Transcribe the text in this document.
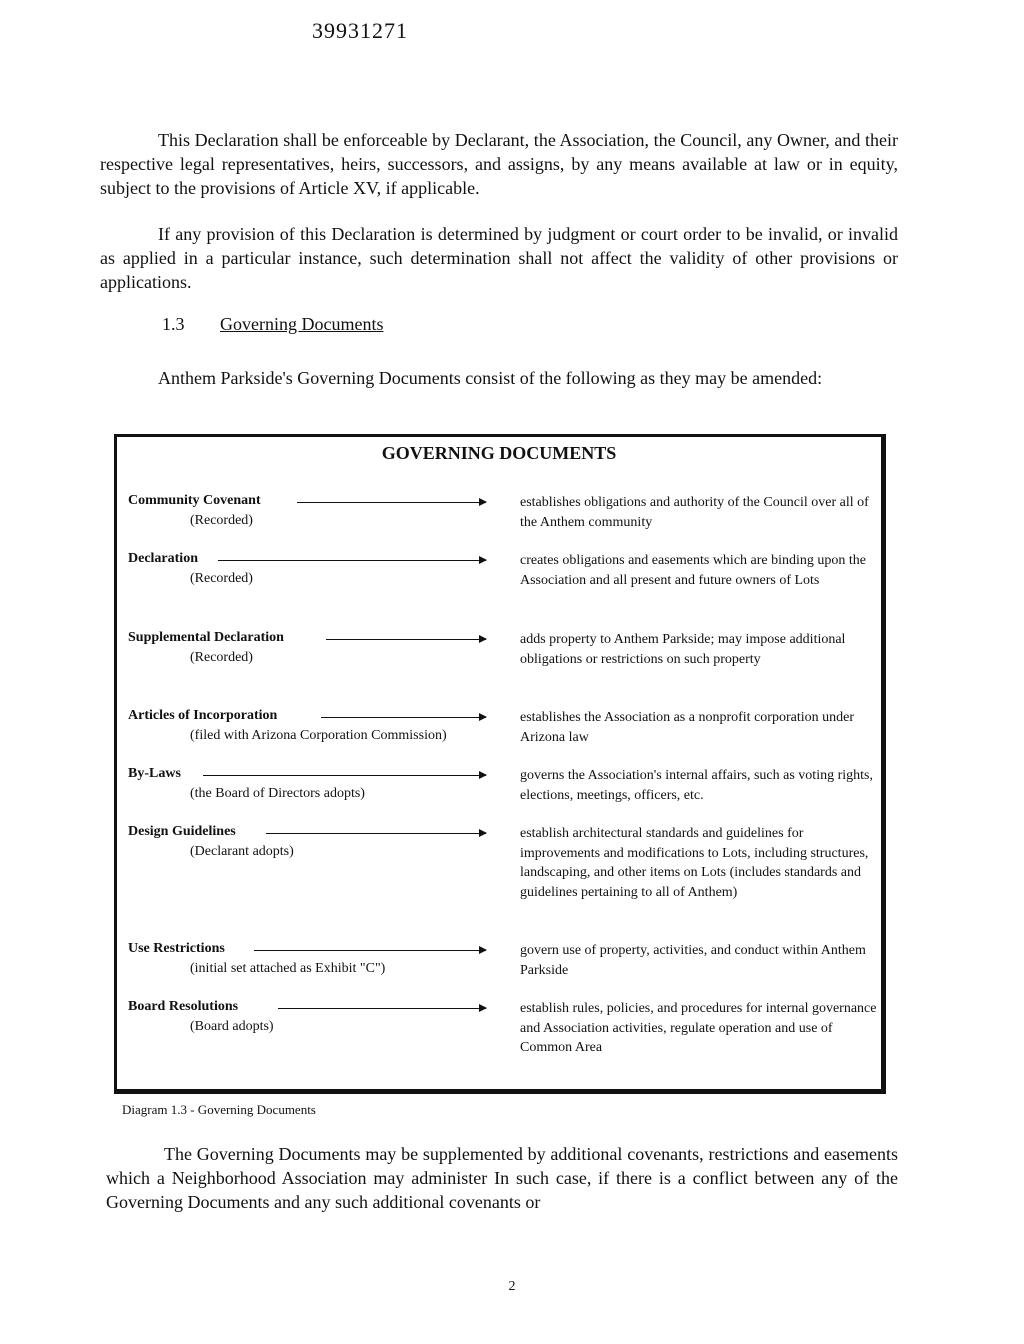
39931271
This Declaration shall be enforceable by Declarant, the Association, the Council, any Owner, and their respective legal representatives, heirs, successors, and assigns, by any means available at law or in equity, subject to the provisions of Article XV, if applicable.
If any provision of this Declaration is determined by judgment or court order to be invalid, or invalid as applied in a particular instance, such determination shall not affect the validity of other provisions or applications.
1.3 Governing Documents
Anthem Parkside's Governing Documents consist of the following as they may be amended:
GOVERNING DOCUMENTS
Community Covenant
(Recorded)
establishes obligations and authority of the Council over all of the Anthem community
Declaration
(Recorded)
creates obligations and easements which are binding upon the Association and all present and future owners of Lots
Supplemental Declaration
(Recorded)
adds property to Anthem Parkside; may impose additional obligations or restrictions on such property
Articles of Incorporation
(filed with Arizona Corporation Commission)
establishes the Association as a nonprofit corporation under Arizona law
By-Laws
(the Board of Directors adopts)
governs the Association's internal affairs, such as voting rights, elections, meetings, officers, etc.
Design Guidelines
(Declarant adopts)
establish architectural standards and guidelines for improvements and modifications to Lots, including structures, landscaping, and other items on Lots (includes standards and guidelines pertaining to all of Anthem)
Use Restrictions
(initial set attached as Exhibit "C")
govern use of property, activities, and conduct within Anthem Parkside
Board Resolutions
(Board adopts)
establish rules, policies, and procedures for internal governance and Association activities, regulate operation and use of Common Area
Diagram 1.3 - Governing Documents
The Governing Documents may be supplemented by additional covenants, restrictions and easements which a Neighborhood Association may administer In such case, if there is a conflict between any of the Governing Documents and any such additional covenants or
2
